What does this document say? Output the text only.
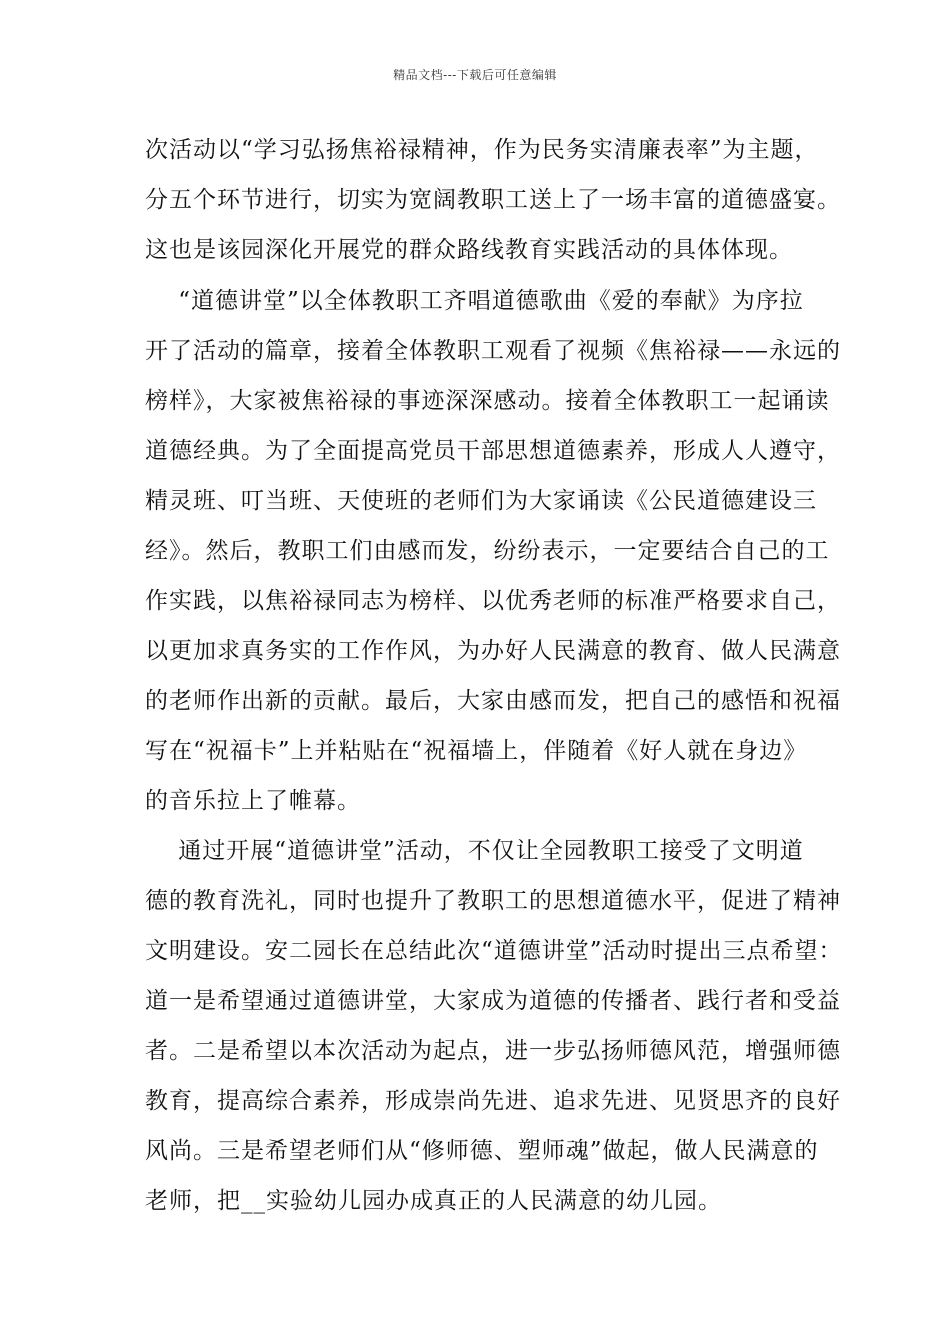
精品文档---下载后可任意编辑
次活动以“学习弘扬焦裕禄精神，作为民务实清廉表率”为主题，
分五个环节进行，切实为宽阔教职工送上了一场丰富的道德盛宴。
这也是该园深化开展党的群众路线教育实践活动的具体体现。
“道德讲堂”以全体教职工齐唱道德歌曲《爱的奉献》为序拉
开了活动的篇章，接着全体教职工观看了视频《焦裕禄——永远的
榜样》，大家被焦裕禄的事迹深深感动。接着全体教职工一起诵读
道德经典。为了全面提高党员干部思想道德素养，形成人人遵守，
精灵班、叮当班、天使班的老师们为大家诵读《公民道德建设三
经》。然后，教职工们由感而发，纷纷表示，一定要结合自己的工
作实践，以焦裕禄同志为榜样、以优秀老师的标准严格要求自己，
以更加求真务实的工作作风，为办好人民满意的教育、做人民满意
的老师作出新的贡献。最后，大家由感而发，把自己的感悟和祝福
写在“祝福卡”上并粘贴在“祝福墙上，伴随着《好人就在身边》
的音乐拉上了帷幕。
通过开展“道德讲堂”活动，不仅让全园教职工接受了文明道
德的教育洗礼，同时也提升了教职工的思想道德水平，促进了精神
文明建设。安二园长在总结此次“道德讲堂”活动时提出三点希望：
道一是希望通过道德讲堂，大家成为道德的传播者、践行者和受益
者。二是希望以本次活动为起点，进一步弘扬师德风范，增强师德
教育，提高综合素养，形成崇尚先进、追求先进、见贤思齐的良好
风尚。三是希望老师们从“修师德、塑师魂”做起，做人民满意的
老师，把__实验幼儿园办成真正的人民满意的幼儿园。
